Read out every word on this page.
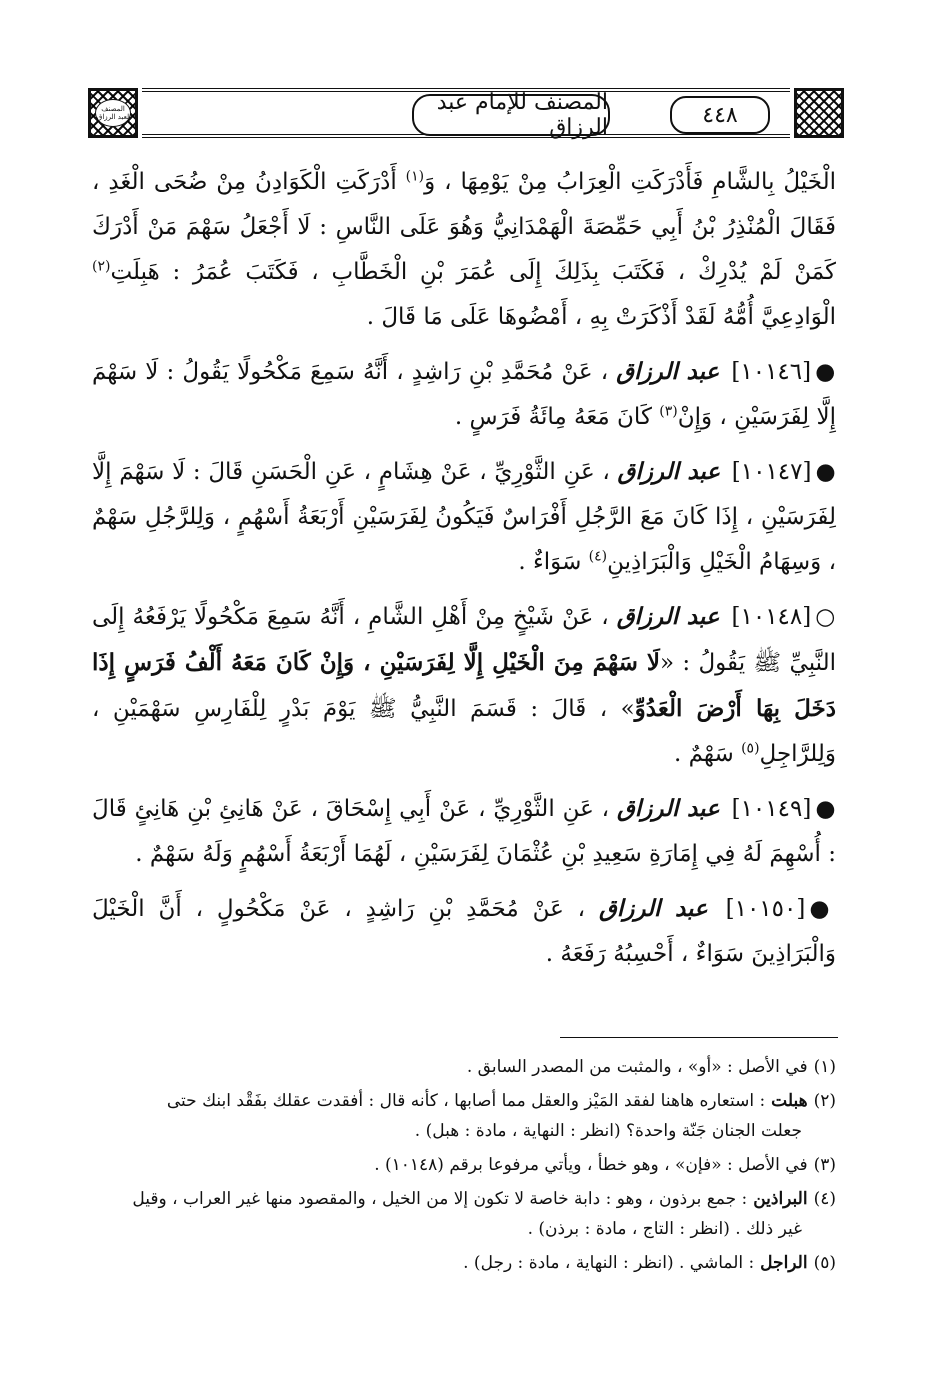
المصنف
لعبد الرزاق
المصنف للإمام عبد الرزاق	٤٤٨

الْخَيْلُ بِالشَّامِ فَأَدْرَكَتِ الْعِرَابُ مِنْ يَوْمِهَا ، وَ$^{(١)}$ أَدْرَكَتِ الْكَوَادِنُ مِنْ ضُحَى الْغَدِ ، فَقَالَ الْمُنْذِرُ بْنُ أَبِي حَمِّصَةَ الْهَمْدَانِيُّ وَهُوَ عَلَى النَّاسِ : لَا أَجْعَلُ سَهْمَ مَنْ أَدْرَكَ كَمَنْ لَمْ يُدْرِكْ ، فَكَتَبَ بِذَلِكَ إِلَى عُمَرَ بْنِ الْخَطَّابِ ، فَكَتَبَ عُمَرُ : هَبِلَتِ$^{(٢)}$ الْوَادِعِيَّ أُمُّهُ لَقَدْ أَذْكَرَتْ بِهِ ، أَمْضُوهَا عَلَى مَا قَالَ .

●[١٠١٤٦] عبد الرزاق ، عَنْ مُحَمَّدِ بْنِ رَاشِدٍ ، أَنَّهُ سَمِعَ مَكْحُولًا يَقُولُ : لَا سَهْمَ إِلَّا لِفَرَسَيْنِ ، وَإِنْ$^{(٣)}$ كَانَ مَعَهُ مِائَةُ فَرَسٍ .

●[١٠١٤٧] عبد الرزاق ، عَنِ الثَّوْرِيِّ ، عَنْ هِشَامٍ ، عَنِ الْحَسَنِ قَالَ : لَا سَهْمَ إِلَّا لِفَرَسَيْنِ ، إِذَا كَانَ مَعَ الرَّجُلِ أَفْرَاسٌ فَيَكُونُ لِفَرَسَيْنِ أَرْبَعَةُ أَسْهُمٍ ، وَلِلرَّجُلِ سَهْمٌ ، وَسِهَامُ الْخَيْلِ وَالْبَرَاذِينِ$^{(٤)}$ سَوَاءٌ .

○[١٠١٤٨] عبد الرزاق ، عَنْ شَيْخٍ مِنْ أَهْلِ الشَّامِ ، أَنَّهُ سَمِعَ مَكْحُولًا يَرْفَعُهُ إِلَى النَّبِيِّ ﷺ يَقُولُ : «لَا سَهْمَ مِنَ الْخَيْلِ إِلَّا لِفَرَسَيْنِ ، وَإِنْ كَانَ مَعَهُ أَلْفُ فَرَسٍ إِذَا دَخَلَ بِهَا أَرْضَ الْعَدُوِّ» ، قَالَ : قَسَمَ النَّبِيُّ ﷺ يَوْمَ بَدْرٍ لِلْفَارِسِ سَهْمَيْنِ ، وَلِلرَّاجِلِ$^{(٥)}$ سَهْمٌ .

●[١٠١٤٩] عبد الرزاق ، عَنِ الثَّوْرِيِّ ، عَنْ أَبِي إِسْحَاقَ ، عَنْ هَانِئِ بْنِ هَانِئٍ قَالَ : أُسْهِمَ لَهُ فِي إِمَارَةِ سَعِيدِ بْنِ عُثْمَانَ لِفَرَسَيْنِ ، لَهُمَا أَرْبَعَةُ أَسْهُمٍ وَلَهُ سَهْمٌ .

●[١٠١٥٠] عبد الرزاق ، عَنْ مُحَمَّدِ بْنِ رَاشِدٍ ، عَنْ مَكْحُولٍ ، أَنَّ الْخَيْلَ وَالْبَرَاذِينَ سَوَاءٌ ، أَحْسِبُهُ رَفَعَهُ .

(١)في الأصل : «أو» ، والمثبت من المصدر السابق .

(٢)هبلت : استعاره هاهنا لفقد المَيْز والعقل مما أصابها ، كأنه قال : أفقدت عقلك بفَقْد ابنك حتى
جعلت الجنان جَنّة واحدة؟ (انظر : النهاية ، مادة : هبل) .

(٣)في الأصل : «فإن» ، وهو خطأ ، ويأتي مرفوعا برقم (١٠١٤٨) .

(٤)البراذين : جمع برذون ، وهو : دابة خاصة لا تكون إلا من الخيل ، والمقصود منها غير العراب ، وقيل
غير ذلك . (انظر : التاج ، مادة : برذن) .

(٥)الراجل : الماشي . (انظر : النهاية ، مادة : رجل) .
